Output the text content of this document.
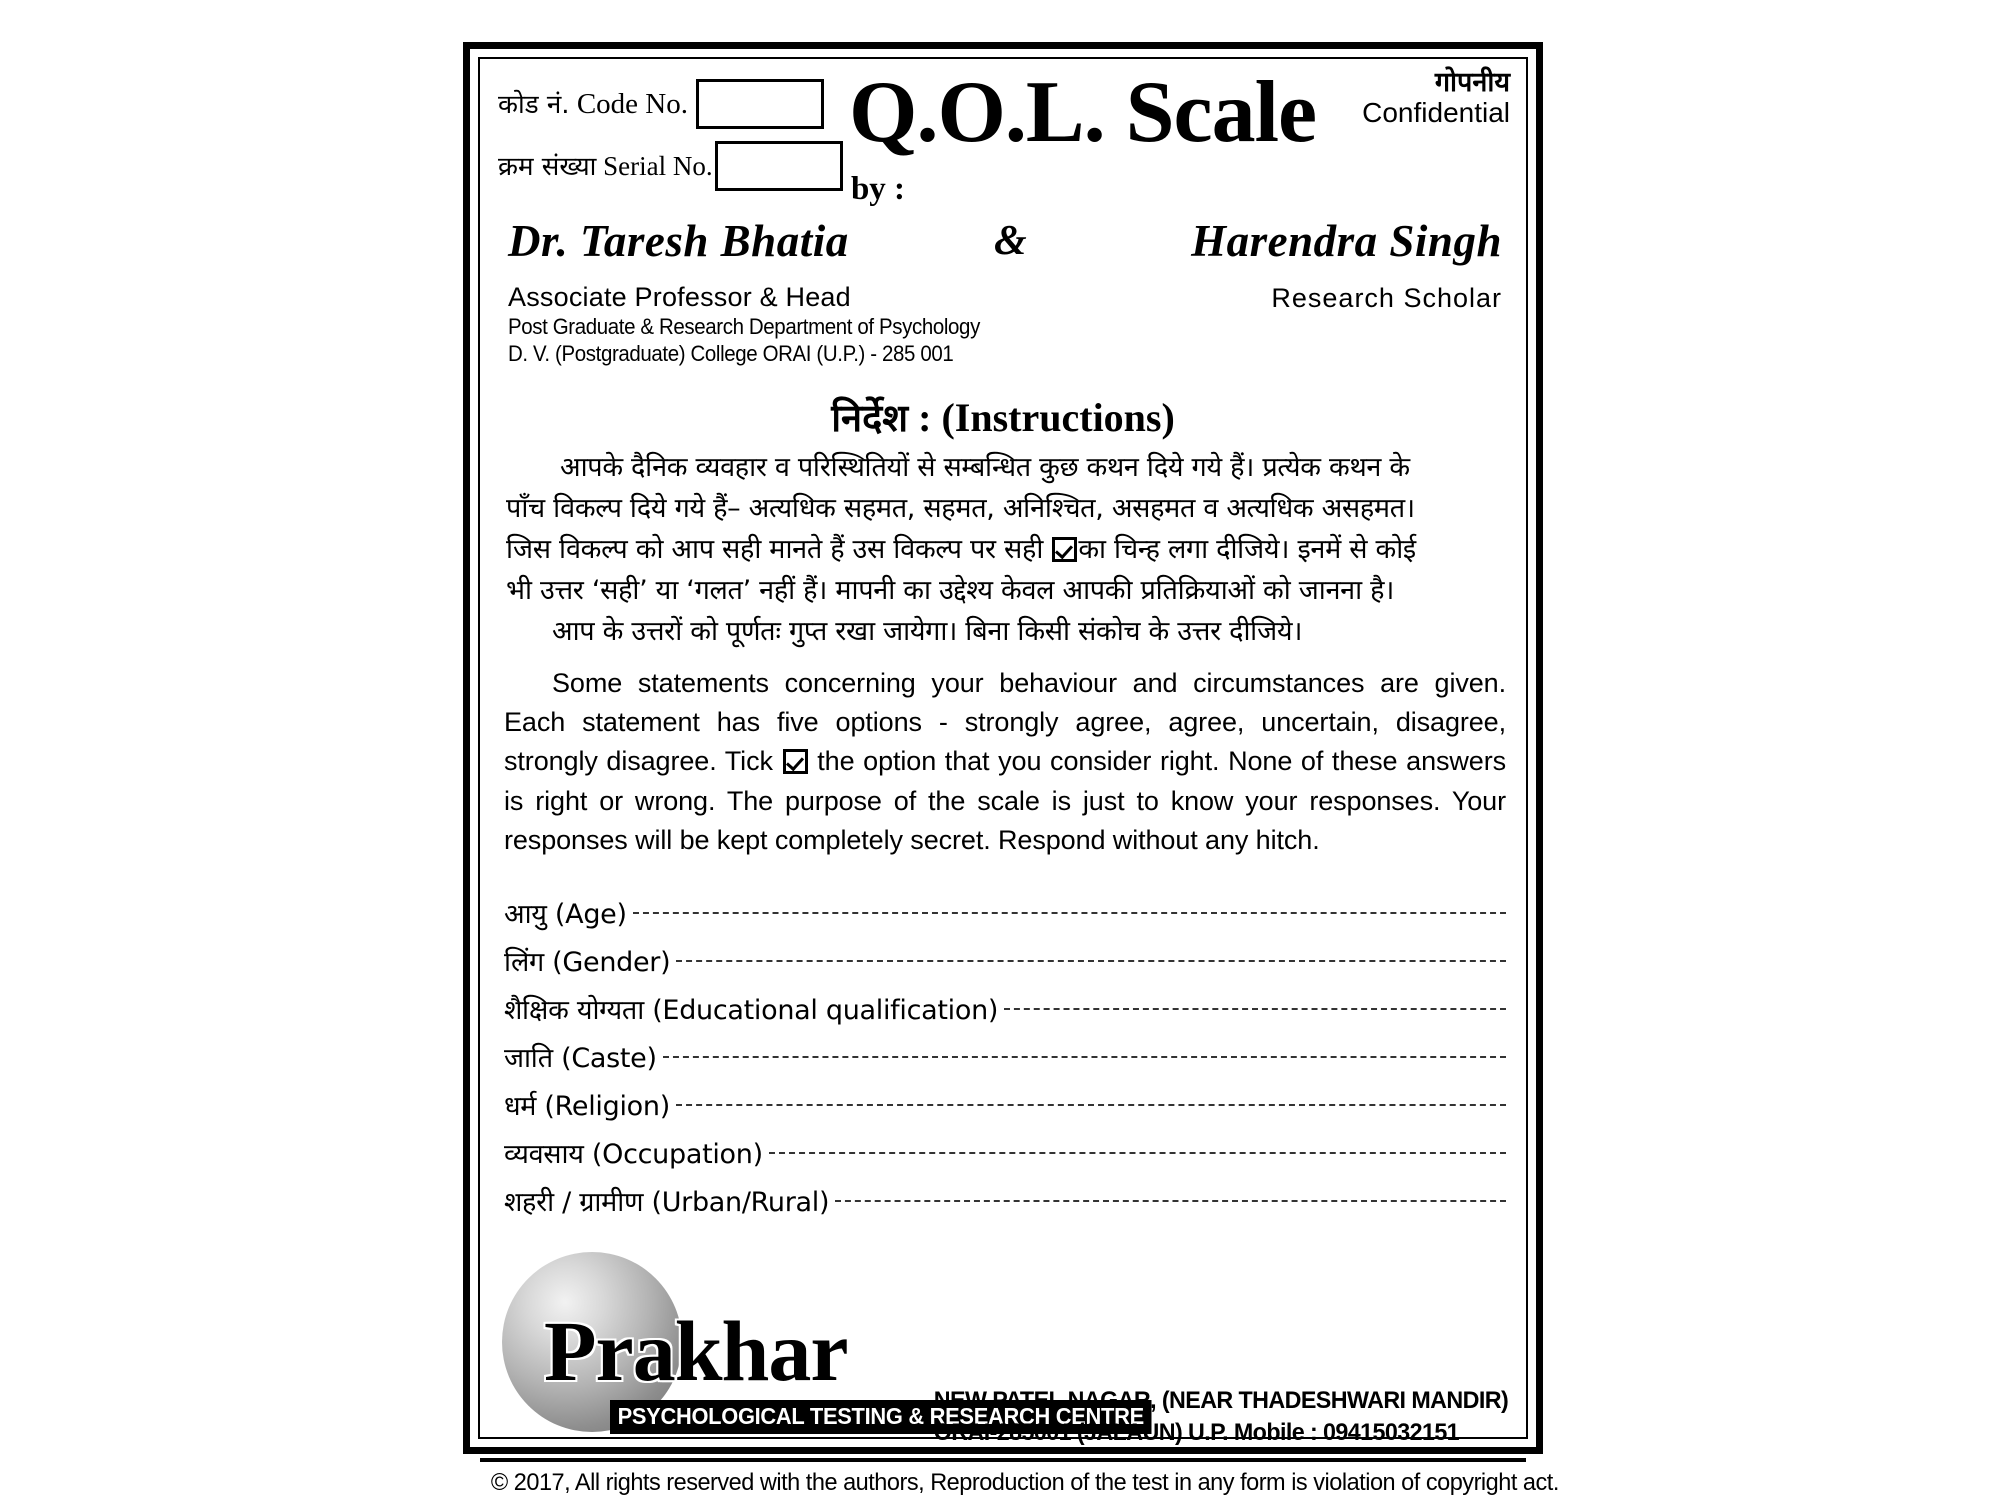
कोड नं. Code No.
क्रम संख्या Serial No.
Q.O.L. Scale	गोपनीय
Confidential
by :
Dr. Taresh Bhatia	&	Harendra Singh
Associate Professor & Head
Post Graduate & Research Department of Psychology
D. V. (Postgraduate) College ORAI (U.P.) - 285 001
Research Scholar
निर्देश : (Instructions)

आपके दैनिक व्यवहार व परिस्थितियों से सम्बन्धित कुछ कथन दिये गये हैं। प्रत्येक कथन के

पाँच विकल्प दिये गये हैं– अत्यधिक सहमत, सहमत, अनिश्चित, असहमत व अत्यधिक असहमत।

जिस विकल्प को आप सही मानते हैं उस विकल्प पर सही का चिन्ह लगा दीजिये। इनमें से कोई

भी उत्तर ‘सही’ या ‘गलत’ नहीं हैं। मापनी का उद्देश्य केवल आपकी प्रतिक्रियाओं को जानना है।

आप के उत्तरों को पूर्णतः गुप्त रखा जायेगा। बिना किसी संकोच के उत्तर दीजिये।

Some statements concerning your behaviour and circumstances are given. Each statement has five options - strongly agree, agree, uncertain, disagree, strongly disagree. Tick  the option that you consider right. None of these answers is right or wrong. The purpose of the scale is just to know your responses. Your responses will be kept completely secret. Respond without any hitch.

आयु (Age)
लिंग (Gender)
शैक्षिक योग्यता (Educational qualification)
जाति (Caste)
धर्म (Religion)
व्यवसाय (Occupation)
शहरी / ग्रामीण (Urban/Rural)
Prakhar
PSYCHOLOGICAL TESTING & RESEARCH CENTRE
NEW PATEL NAGAR, (NEAR THADESHWARI MANDIR)
ORAI-285001 (JALAUN) U.P. Mobile : 09415032151
© 2017, All rights reserved with the authors, Reproduction of the test in any form is violation of copyright act.
